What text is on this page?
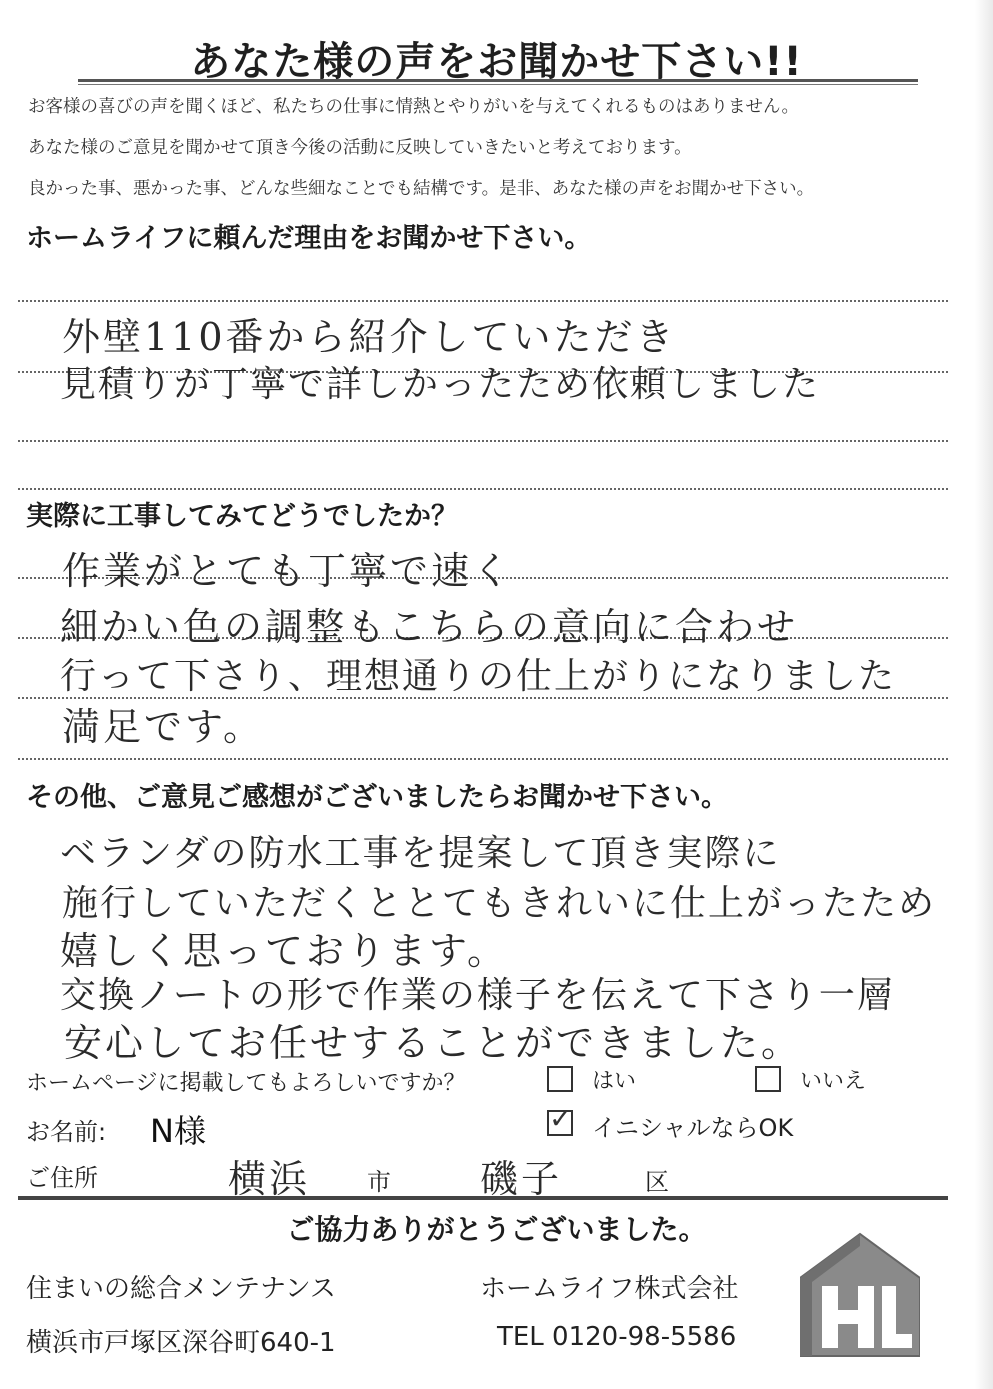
あなた様の声をお聞かせ下さい!!
お客様の喜びの声を聞くほど、私たちの仕事に情熱とやりがいを与えてくれるものはありません。
あなた様のご意見を聞かせて頂き今後の活動に反映していきたいと考えております。
良かった事、悪かった事、どんな些細なことでも結構です。是非、あなた様の声をお聞かせ下さい。
ホームライフに頼んだ理由をお聞かせ下さい。
外壁110番から紹介していただき
見積りが丁寧で詳しかったため依頼しました
実際に工事してみてどうでしたか？
作業がとても丁寧で速く
細かい色の調整もこちらの意向に合わせ
行って下さり、理想通りの仕上がりになりました
満足です。
その他、ご意見ご感想がございましたらお聞かせ下さい。
ベランダの防水工事を提案して頂き実際に
施行していただくととてもきれいに仕上がったため
嬉しく思っております。
交換ノートの形で作業の様子を伝えて下さり一層
安心してお任せすることができました。
ホームページに掲載してもよろしいですか？	はい	いいえ
お名前: N様	✓ イニシャルならOK
ご住所	横浜 市 磯子	区
ご協力ありがとうございました。
住まいの総合メンテナンス	ホームライフ株式会社
横浜市戸塚区深谷町640-1	TEL 0120-98-5586	HL
